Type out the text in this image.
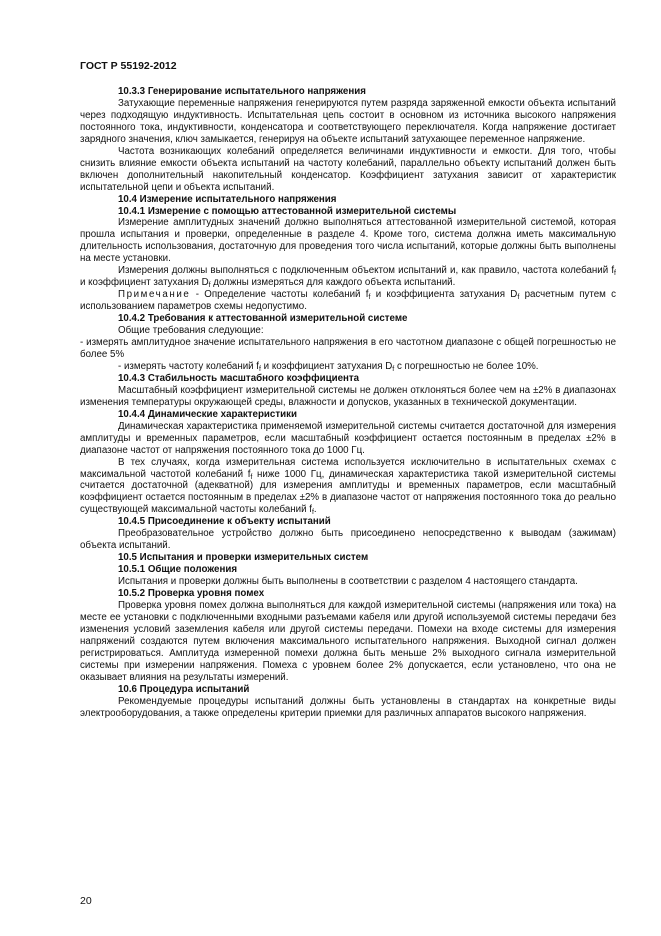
ГОСТ Р 55192-2012

10.3.3 Генерирование испытательного напряжения

Затухающие переменные напряжения генерируются путем разряда заряженной емкости объекта испытаний через подходящую индуктивность. Испытательная цепь состоит в основном из источника высокого напряжения постоянного тока, индуктивности, конденсатора и соответствующего переключателя. Когда напряжение достигает зарядного значения, ключ замыкается, генерируя на объекте испытаний затухающее переменное напряжение.

Частота возникающих колебаний определяется величинами индуктивности и емкости. Для того, чтобы снизить влияние емкости объекта испытаний на частоту колебаний, параллельно объекту испытаний должен быть включен дополнительный накопительный конденсатор. Коэффициент затухания зависит от характеристик испытательной цепи и объекта испытаний.

10.4 Измерение испытательного напряжения

10.4.1 Измерение с помощью аттестованной измерительной системы

Измерение амплитудных значений должно выполняться аттестованной измерительной системой, которая прошла испытания и проверки, определенные в разделе 4. Кроме того, система должна иметь максимальную длительность использования, достаточную для проведения того числа испытаний, которые должны быть выполнены на месте установки.

Измерения должны выполняться с подключенным объектом испытаний и, как правило, частота колебаний $f_f$ и коэффициент затухания $D_f$ должны измеряться для каждого объекта испытаний.

Примечание - Определение частоты колебаний $f_f$ и коэффициента затухания $D_f$ расчетным путем с использованием параметров схемы недопустимо.

10.4.2 Требования к аттестованной измерительной системе

Общие требования следующие:

- измерять амплитудное значение испытательного напряжения в его частотном диапазоне с общей погрешностью не более 5%

- измерять частоту колебаний $f_f$ и коэффициент затухания $D_f$ с погрешностью не более 10%.

10.4.3 Стабильность масштабного коэффициента

Масштабный коэффициент измерительной системы не должен отклоняться более чем на ±2% в диапазонах изменения температуры окружающей среды, влажности и допусков, указанных в технической документации.

10.4.4 Динамические характеристики

Динамическая характеристика применяемой измерительной системы считается достаточной для измерения амплитуды и временных параметров, если масштабный коэффициент остается постоянным в пределах ±2% в диапазоне частот от напряжения постоянного тока до 1000 Гц.

В тех случаях, когда измерительная система используется исключительно в испытательных схемах с максимальной частотой колебаний $f_f$ ниже 1000 Гц, динамическая характеристика такой измерительной системы считается достаточной (адекватной) для измерения амплитуды и временных параметров, если масштабный коэффициент остается постоянным в пределах ±2% в диапазоне частот от напряжения постоянного тока до реально существующей максимальной частоты колебаний $f_f$.

10.4.5 Присоединение к объекту испытаний

Преобразовательное устройство должно быть присоединено непосредственно к выводам (зажимам) объекта испытаний.

10.5 Испытания и проверки измерительных систем

10.5.1 Общие положения

Испытания и проверки должны быть выполнены в соответствии с разделом 4 настоящего стандарта.

10.5.2 Проверка уровня помех

Проверка уровня помех должна выполняться для каждой измерительной системы (напряжения или тока) на месте ее установки с подключенными входными разъемами кабеля или другой используемой системы передачи без изменения условий заземления кабеля или другой системы передачи. Помехи на входе системы для измерения напряжений создаются путем включения максимального испытательного напряжения. Выходной сигнал должен регистрироваться. Амплитуда измеренной помехи должна быть меньше 2% выходного сигнала измерительной системы при измерении напряжения. Помеха с уровнем более 2% допускается, если установлено, что она не оказывает влияния на результаты измерений.

10.6 Процедура испытаний

Рекомендуемые процедуры испытаний должны быть установлены в стандартах на конкретные виды электрооборудования, а также определены критерии приемки для различных аппаратов высокого напряжения.

20
